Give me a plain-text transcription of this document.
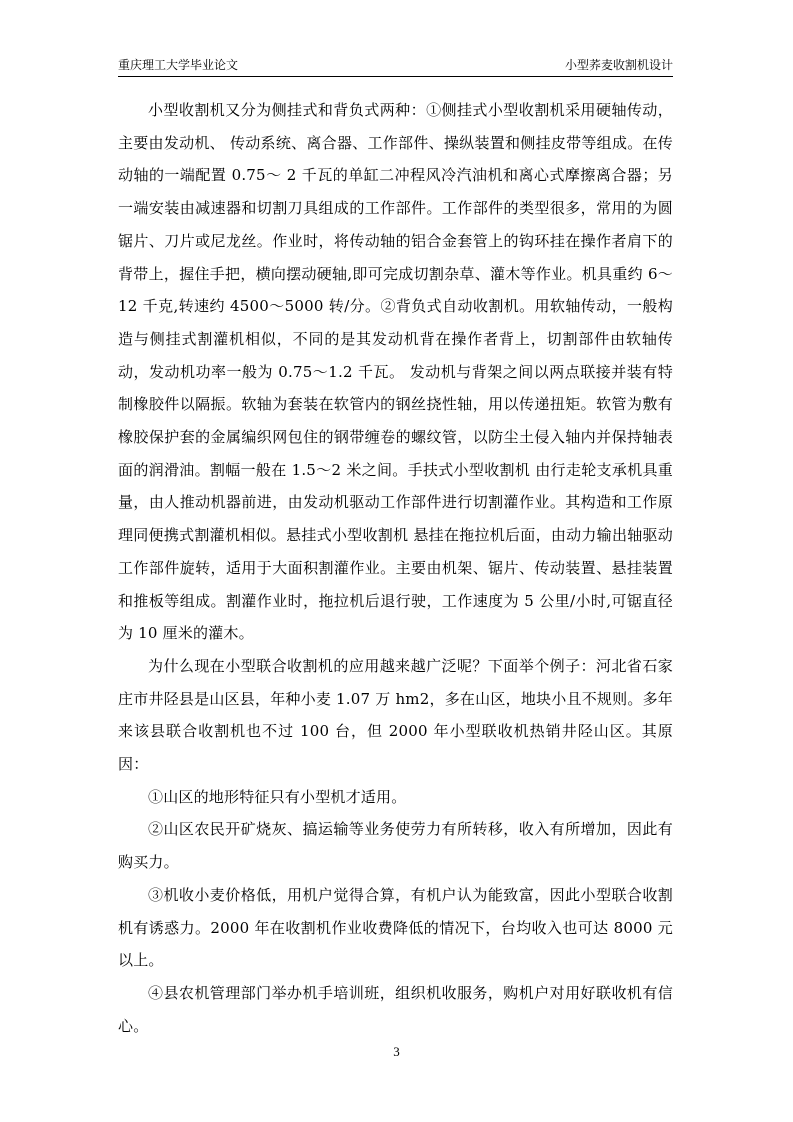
重庆理工大学毕业论文	小型荞麦收割机设计

小型收割机又分为侧挂式和背负式两种：①侧挂式小型收割机采用硬轴传动， 主要由发动机、 传动系统、离合器、工作部件、操纵装置和侧挂皮带等组成。在传动轴的一端配置 0.75～ 2 千瓦的单缸二冲程风冷汽油机和离心式摩擦离合器；另一端安装由减速器和切割刀具组成的工作部件。工作部件的类型很多，常用的为圆锯片、刀片或尼龙丝。作业时，将传动轴的铝合金套管上的钩环挂在操作者肩下的背带上，握住手把，横向摆动硬轴,即可完成切割杂草、灌木等作业。机具重约 6～12 千克,转速约 4500～5000 转/分。②背负式自动收割机。用软轴传动，一般构造与侧挂式割灌机相似，不同的是其发动机背在操作者背上，切割部件由软轴传动，发动机功率一般为 0.75～1.2 千瓦。 发动机与背架之间以两点联接并装有特制橡胶件以隔振。软轴为套装在软管内的钢丝挠性轴，用以传递扭矩。软管为敷有橡胶保护套的金属编织网包住的钢带缠卷的螺纹管，以防尘土侵入轴内并保持轴表面的润滑油。割幅一般在 1.5～2 米之间。手扶式小型收割机 由行走轮支承机具重量，由人推动机器前进，由发动机驱动工作部件进行切割灌作业。其构造和工作原理同便携式割灌机相似。悬挂式小型收割机 悬挂在拖拉机后面，由动力输出轴驱动工作部件旋转，适用于大面积割灌作业。主要由机架、锯片、传动装置、悬挂装置和推板等组成。割灌作业时，拖拉机后退行驶，工作速度为 5 公里/小时,可锯直径为 10 厘米的灌木。

为什么现在小型联合收割机的应用越来越广泛呢？下面举个例子：河北省石家庄市井陉县是山区县，年种小麦 1.07 万 hm2，多在山区，地块小且不规则。多年来该县联合收割机也不过 100 台，但 2000 年小型联收机热销井陉山区。其原因：

①山区的地形特征只有小型机才适用。

②山区农民开矿烧灰、搞运输等业务使劳力有所转移，收入有所增加，因此有购买力。

③机收小麦价格低，用机户觉得合算，有机户认为能致富，因此小型联合收割机有诱惑力。2000 年在收割机作业收费降低的情况下，台均收入也可达 8000 元以上。

④县农机管理部门举办机手培训班，组织机收服务，购机户对用好联收机有信心。

3
